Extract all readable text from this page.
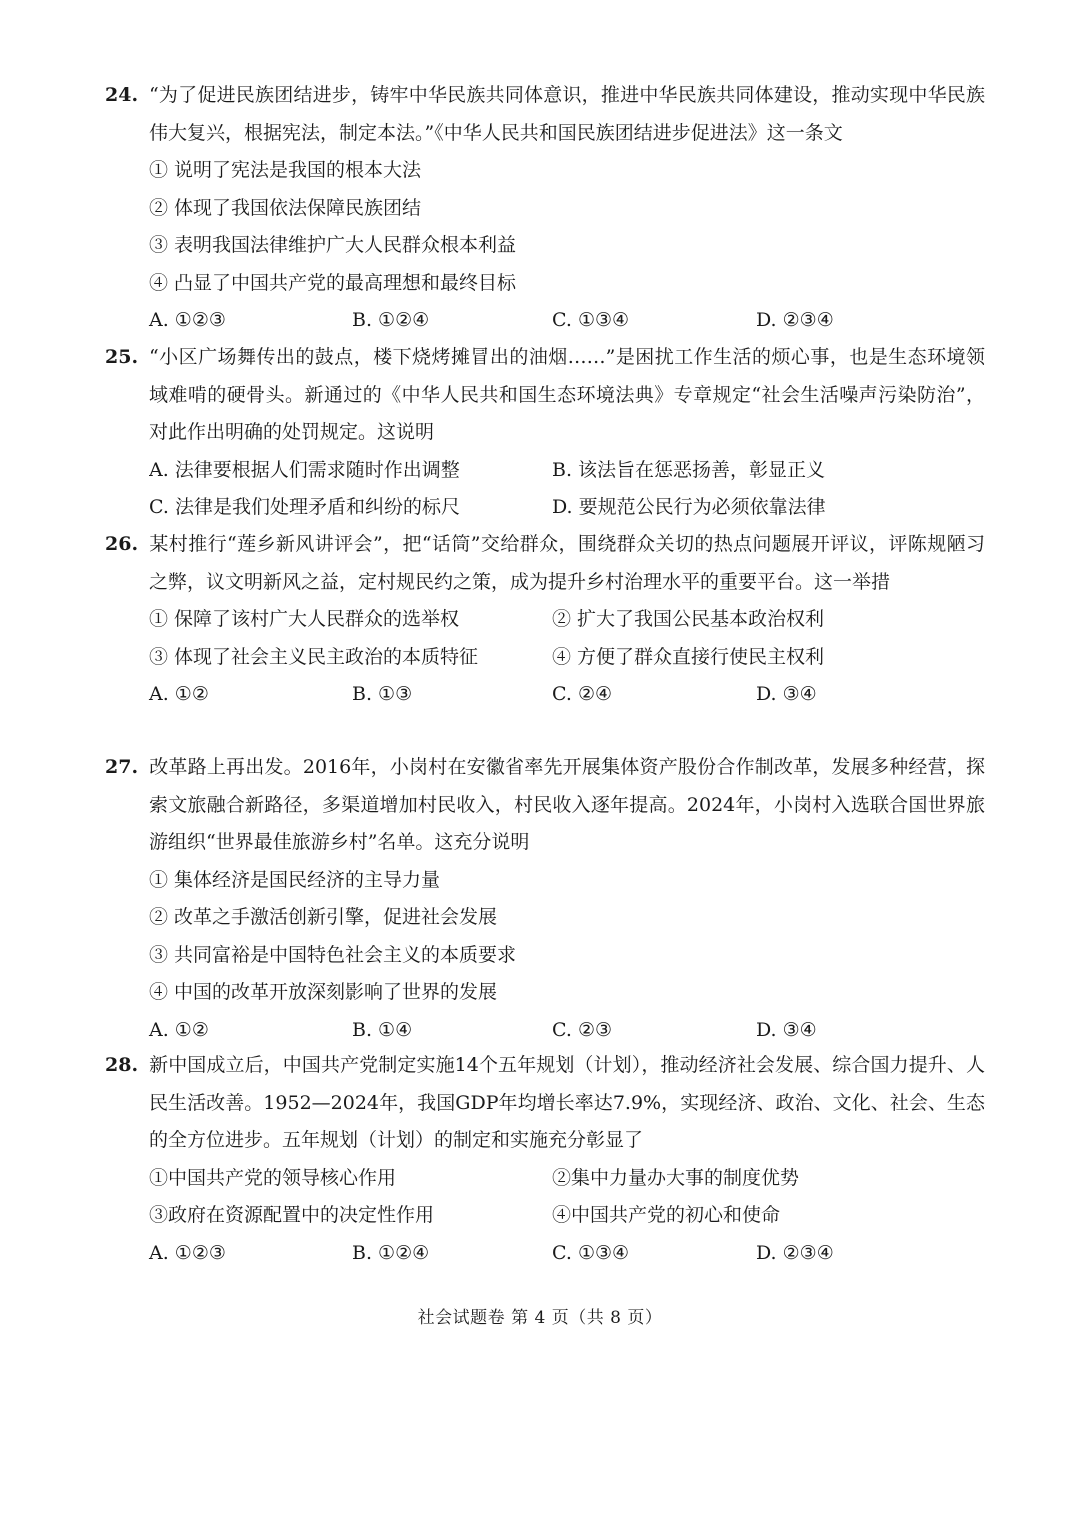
24. “为了促进民族团结进步，铸牢中华民族共同体意识，推进中华民族共同体建设，推动实现中华民族伟大复兴，根据宪法，制定本法。”《中华人民共和国民族团结进步促进法》这一条文
① 说明了宪法是我国的根本大法
② 体现了我国依法保障民族团结
③ 表明我国法律维护广大人民群众根本利益
④ 凸显了中国共产党的最高理想和最终目标
A. ①②③	B. ①②④	C. ①③④	D. ②③④
25. “小区广场舞传出的鼓点，楼下烧烤摊冒出的油烟……”是困扰工作生活的烦心事，也是生态环境领域难啃的硬骨头。新通过的《中华人民共和国生态环境法典》专章规定“社会生活噪声污染防治”，对此作出明确的处罚规定。这说明
A. 法律要根据人们需求随时作出调整	B. 该法旨在惩恶扬善，彰显正义
C. 法律是我们处理矛盾和纠纷的标尺	D. 要规范公民行为必须依靠法律
26. 某村推行“莲乡新风讲评会”，把“话筒”交给群众，围绕群众关切的热点问题展开评议，评陈规陋习之弊，议文明新风之益，定村规民约之策，成为提升乡村治理水平的重要平台。这一举措
① 保障了该村广大人民群众的选举权	② 扩大了我国公民基本政治权利
③ 体现了社会主义民主政治的本质特征	④ 方便了群众直接行使民主权利
A. ①②	B. ①③	C. ②④	D. ③④
27. 改革路上再出发。2016年，小岗村在安徽省率先开展集体资产股份合作制改革，发展多种经营，探索文旅融合新路径，多渠道增加村民收入，村民收入逐年提高。2024年，小岗村入选联合国世界旅游组织“世界最佳旅游乡村”名单。这充分说明
① 集体经济是国民经济的主导力量
② 改革之手激活创新引擎，促进社会发展
③ 共同富裕是中国特色社会主义的本质要求
④ 中国的改革开放深刻影响了世界的发展
A. ①②	B. ①④	C. ②③	D. ③④
28. 新中国成立后，中国共产党制定实施14个五年规划（计划），推动经济社会发展、综合国力提升、人民生活改善。1952—2024年，我国GDP年均增长率达7.9%，实现经济、政治、文化、社会、生态的全方位进步。五年规划（计划）的制定和实施充分彰显了
①中国共产党的领导核心作用	②集中力量办大事的制度优势
③政府在资源配置中的决定性作用	④中国共产党的初心和使命
A. ①②③	B. ①②④	C. ①③④	D. ②③④
社会试题卷 第 4 页（共 8 页）
